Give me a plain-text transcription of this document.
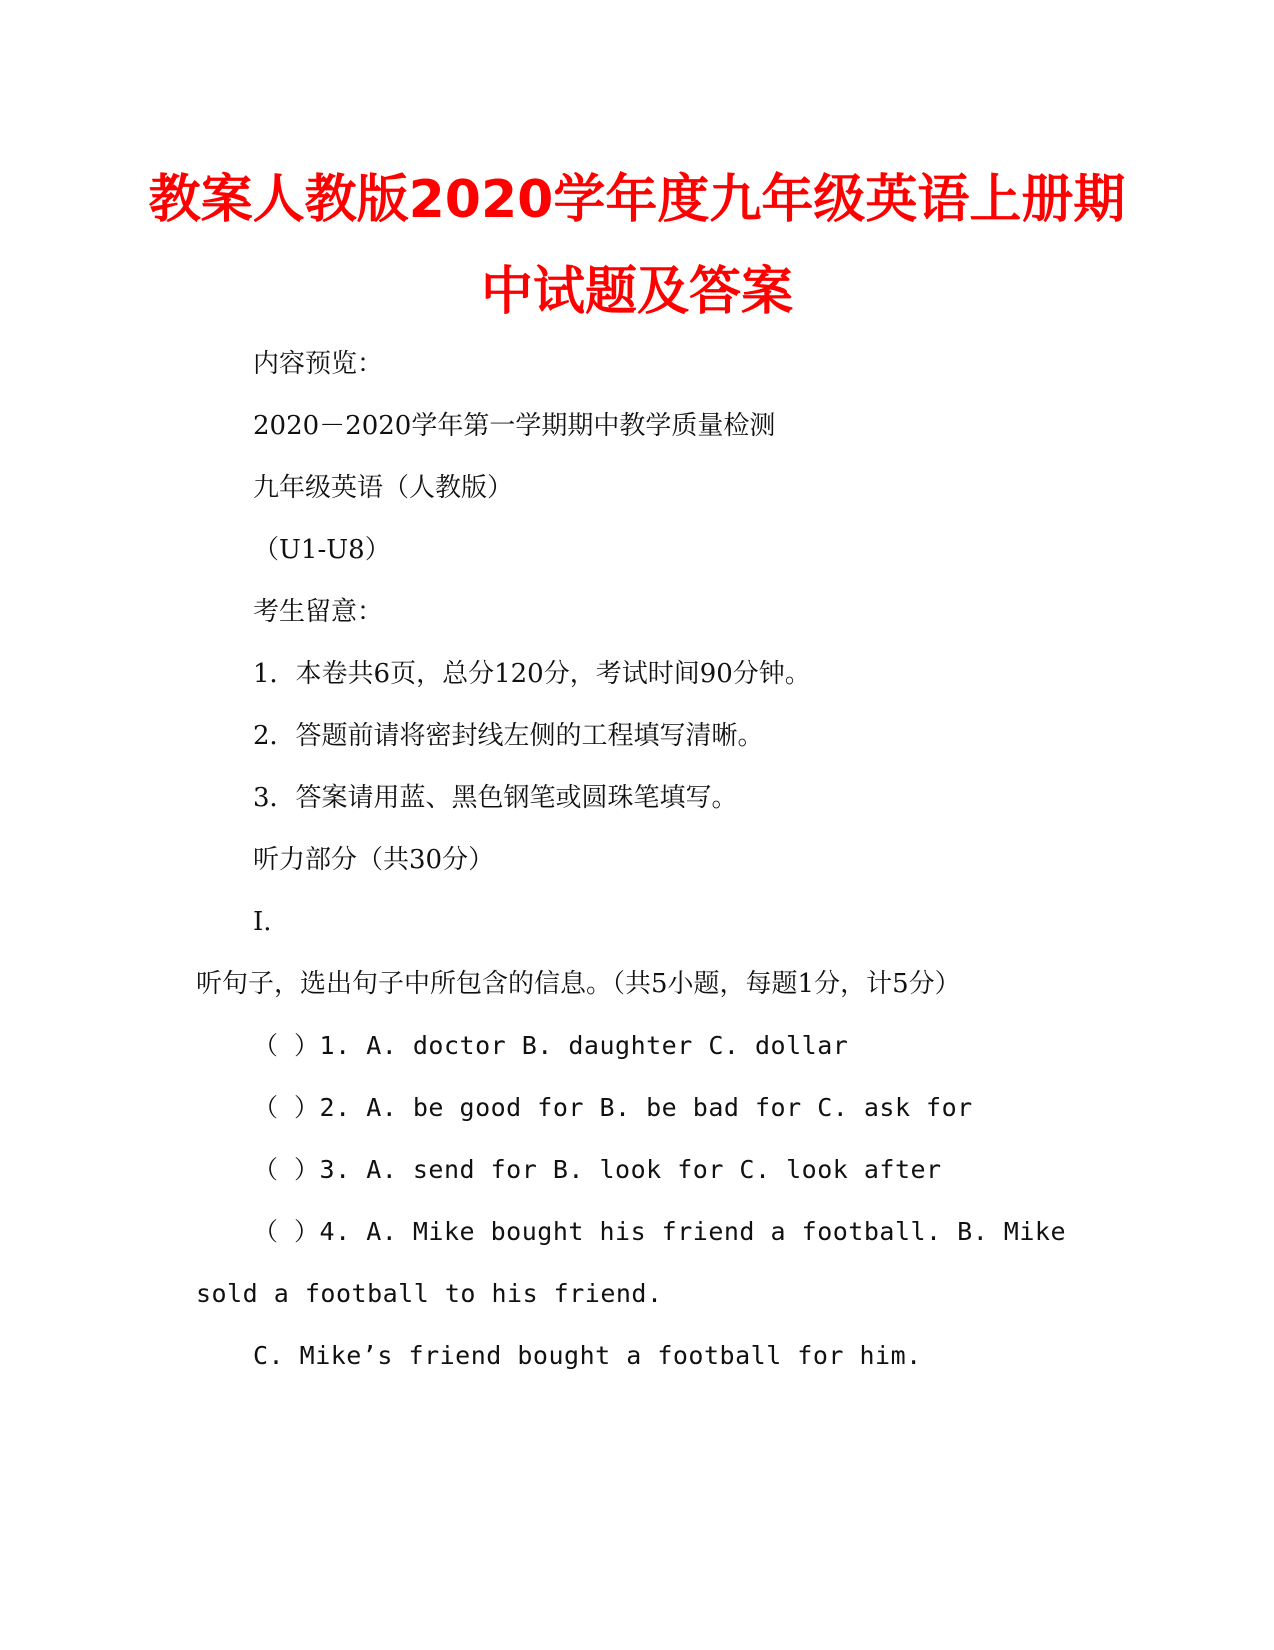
教案人教版2020学年度九年级英语上册期
中试题及答案
内容预览：
2020－2020学年第一学期期中教学质量检测
九年级英语（人教版）
（U1-U8）
考生留意：
1．本卷共6页，总分120分，考试时间90分钟。
2．答题前请将密封线左侧的工程填写清晰。
3．答案请用蓝、黑色钢笔或圆珠笔填写。
听力部分（共30分）
I.
听句子，选出句子中所包含的信息。（共5小题，每题1分，计5分）
（ ）1. A. doctor B. daughter C. dollar
（ ）2. A. be good for B. be bad for C. ask for
（ ）3. A. send for B. look for C. look after
（ ）4. A. Mike bought his friend a football. B. Mike
sold a football to his friend.
C. Mike’s friend bought a football for him.
